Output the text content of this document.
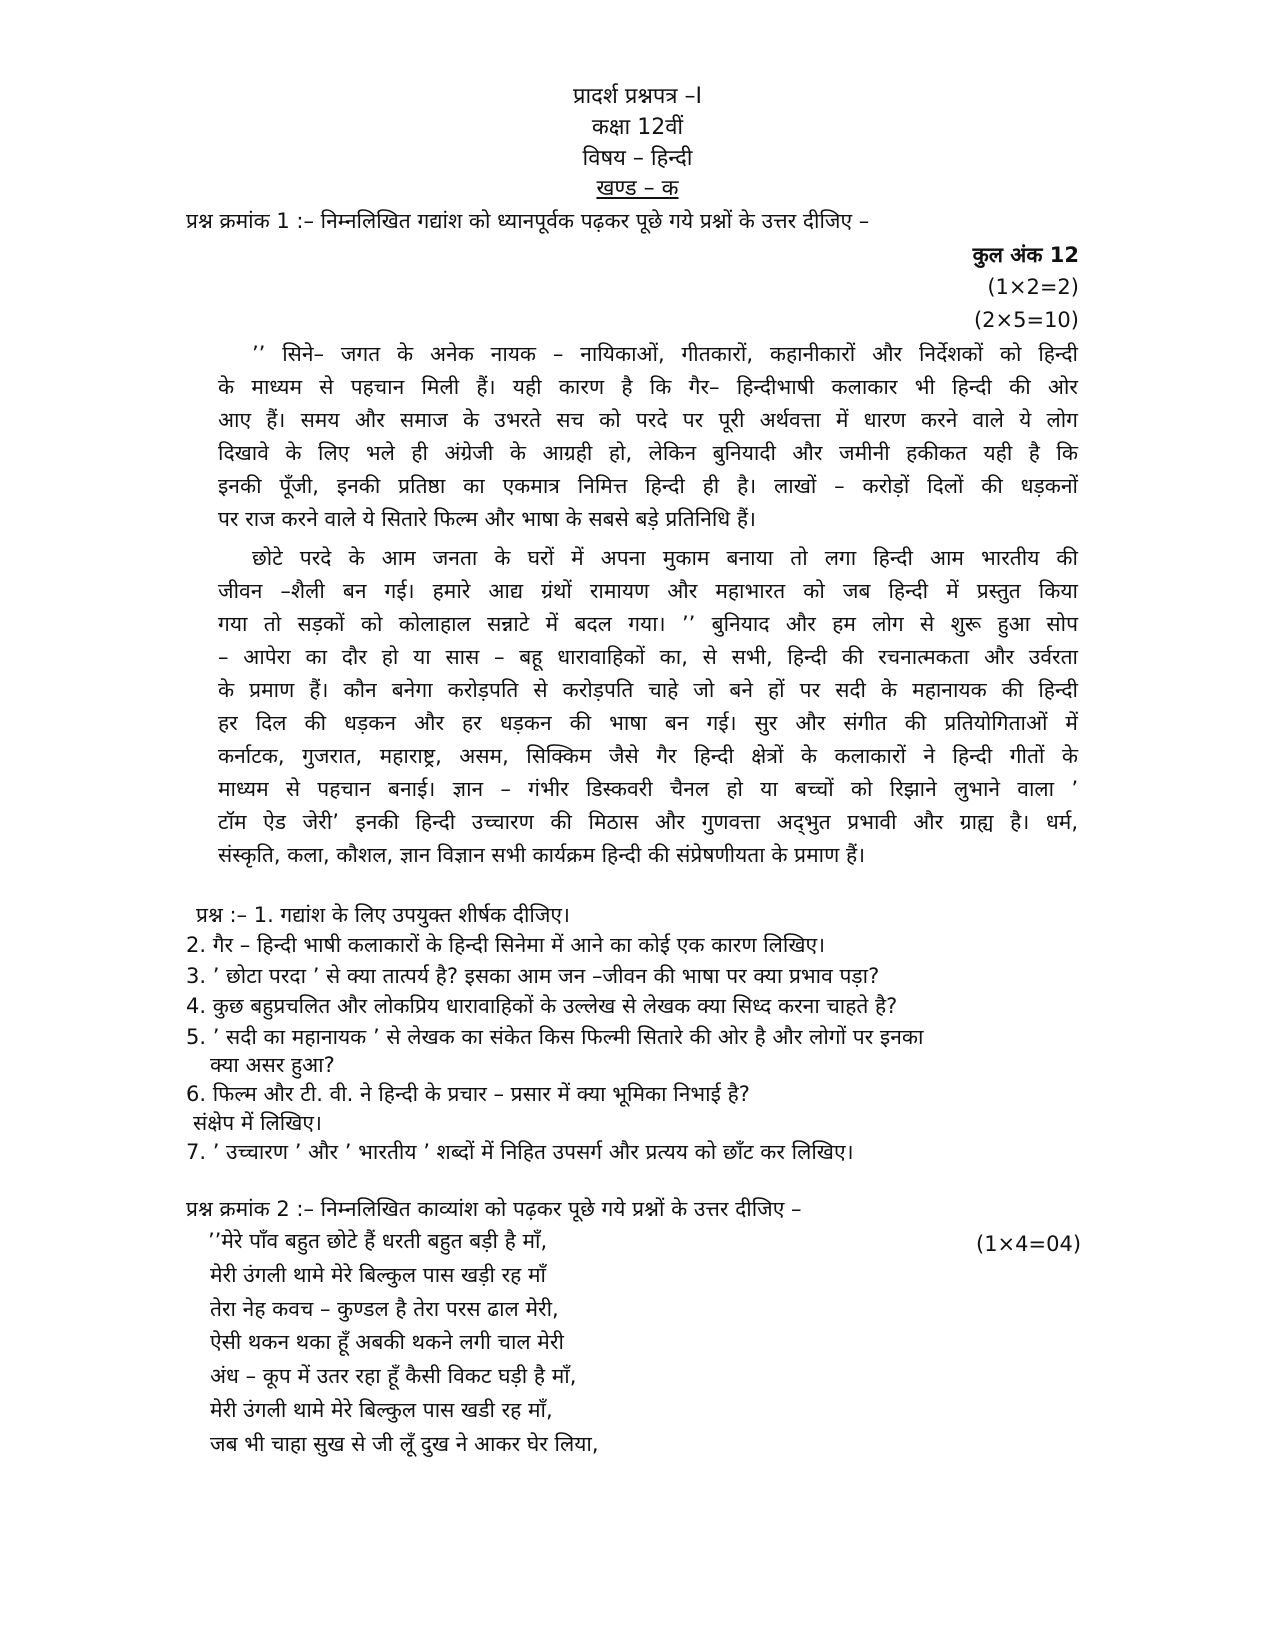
प्रादर्श प्रश्नपत्र –I
कक्षा 12वीं
विषय – हिन्दी
खण्ड – क
प्रश्न क्रमांक 1 :– निम्नलिखित गद्यांश को ध्यानपूर्वक पढ़कर पूछे गये प्रश्नों के उत्तर दीजिए –
कुल अंक 12
(1×2=2)
(2×5=10)
’’ सिने– जगत के अनेक नायक – नायिकाओं, गीतकारों, कहानीकारों और निर्देशकों को हिन्दी
के माध्यम से पहचान मिली हैं। यही कारण है कि गैर– हिन्दीभाषी कलाकार भी हिन्दी की ओर
आए हैं। समय और समाज के उभरते सच को परदे पर पूरी अर्थवत्ता में धारण करने वाले ये लोग
दिखावे के लिए भले ही अंग्रेजी के आग्रही हो, लेकिन बुनियादी और जमीनी हकीकत यही है कि
इनकी पूँजी, इनकी प्रतिष्ठा का एकमात्र निमित्त हिन्दी ही है। लाखों – करोड़ों दिलों की धड़कनों
पर राज करने वाले ये सितारे फिल्म और भाषा के सबसे बड़े प्रतिनिधि हैं।
छोटे परदे के आम जनता के घरों में अपना मुकाम बनाया तो लगा हिन्दी आम भारतीय की
जीवन –शैली बन गई। हमारे आद्य ग्रंथों रामायण और महाभारत को जब हिन्दी में प्रस्तुत किया
गया तो सड़कों को कोलाहाल सन्नाटे में बदल गया। ’’ बुनियाद और हम लोग से शुरू हुआ सोप
– आपेरा का दौर हो या सास – बहू धारावाहिकों का, से सभी, हिन्दी की रचनात्मकता और उर्वरता
के प्रमाण हैं। कौन बनेगा करोड़पति से करोड़पति चाहे जो बने हों पर सदी के महानायक की हिन्दी
हर दिल की धड़कन और हर धड़कन की भाषा बन गई। सुर और संगीत की प्रतियोगिताओं में
कर्नाटक, गुजरात, महाराष्ट्र, असम, सिक्किम जैसे गैर हिन्दी क्षेत्रों के कलाकारों ने हिन्दी गीतों के
माध्यम से पहचान बनाई। ज्ञान – गंभीर डिस्कवरी चैनल हो या बच्चों को रिझाने लुभाने वाला ’
टॉम ऐड जेरी’ इनकी हिन्दी उच्चारण की मिठास और गुणवत्ता अद्‌भुत प्रभावी और ग्राह्य है। धर्म,
संस्कृति, कला, कौशल, ज्ञान विज्ञान सभी कार्यक्रम हिन्दी की संप्रेषणीयता के प्रमाण हैं।
प्रश्न :– 1. गद्यांश के लिए उपयुक्त शीर्षक दीजिए।
2. गैर – हिन्दी भाषी कलाकारों के हिन्दी सिनेमा में आने का कोई एक कारण लिखिए।
3. ’ छोटा परदा ’ से क्या तात्पर्य है? इसका आम जन –जीवन की भाषा पर क्या प्रभाव पड़ा?
4. कुछ बहुप्रचलित और लोकप्रिय धारावाहिकों के उल्लेख से लेखक क्या सिध्द करना चाहते है?
5. ’ सदी का महानायक ’ से लेखक का संकेत किस फिल्मी सितारे की ओर है और लोगों पर इनका
क्या असर हुआ?
6. फिल्म और टी. वी. ने हिन्दी के प्रचार – प्रसार में क्या भूमिका निभाई है?
संक्षेप में लिखिए।
7. ’ उच्चारण ’ और ’ भारतीय ’ शब्दों में निहित उपसर्ग और प्रत्यय को छाँट कर लिखिए।
प्रश्न क्रमांक 2 :– निम्नलिखित काव्यांश को पढ़कर पूछे गये प्रश्नों के उत्तर दीजिए –
(1×4=04)
’’मेरे पाँव बहुत छोटे हैं धरती बहुत बड़ी है माँ,
मेरी उंगली थामे मेरे बिल्कुल पास खड़ी रह माँ
तेरा नेह कवच – कुण्डल है तेरा परस ढाल मेरी,
ऐसी थकन थका हूँ अबकी थकने लगी चाल मेरी
अंध – कूप में उतर रहा हूँ कैसी विकट घड़ी है माँ,
मेरी उंगली थामे मेरे बिल्कुल पास खडी रह माँ,
जब भी चाहा सुख से जी लूँ दुख ने आकर घेर लिया,
